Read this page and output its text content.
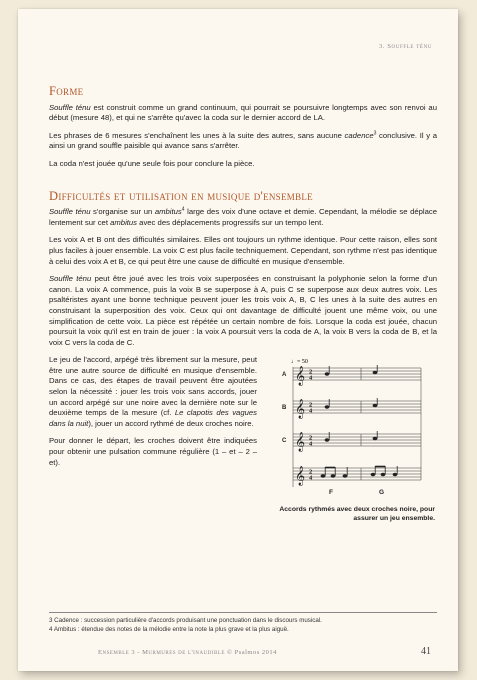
3. Souffle ténu
Forme

Souffle ténu est construit comme un grand continuum, qui pourrait se poursuivre longtemps avec son renvoi au début (mesure 48), et qui ne s'arrête qu'avec la coda sur le dernier accord de LA.

Les phrases de 6 mesures s'enchaînent les unes à la suite des autres, sans aucune cadence$^3$ conclusive. Il y a ainsi un grand souffle paisible qui avance sans s'arrêter.

La coda n'est jouée qu'une seule fois pour conclure la pièce.

Difficultés et utilisation en musique d'ensemble

Souffle ténu s'organise sur un ambitus$^4$ large des voix d'une octave et demie. Cependant, la mélodie se déplace lentement sur cet ambitus avec des déplacements progressifs sur un tempo lent.

Les voix A et B ont des difficultés similaires. Elles ont toujours un rythme identique. Pour cette raison, elles sont plus faciles à jouer ensemble. La voix C est plus facile techniquement. Cependant, son rythme n'est pas identique à celui des voix A et B, ce qui peut être une cause de difficulté en musique d'ensemble.

Souffle ténu peut être joué avec les trois voix superposées en construisant la polyphonie selon la forme d'un canon. La voix A commence, puis la voix B se superpose à A, puis C se superpose aux deux autres voix. Les psaltéristes ayant une bonne technique peuvent jouer les trois voix A, B, C les unes à la suite des autres en construisant la superposition des voix. Ceux qui ont davantage de difficulté jouent une même voix, ou une simplification de cette voix. La pièce est répétée un certain nombre de fois. Lorsque la coda est jouée, chacun poursuit la voix qu'il est en train de jouer : la voix A poursuit vers la coda de A, la voix B vers la coda de B, et la voix C vers la coda de C.

Le jeu de l'accord, arpégé très librement sur la mesure, peut être une autre source de difficulté en musique d'ensemble. Dans ce cas, des étapes de travail peuvent être ajoutées selon la nécessité : jouer les trois voix sans accords, jouer un accord arpégé sur une noire avec la dernière note sur le deuxième temps de la mesure (cf. Le clapotis des vagues dans la nuit), jouer un accord rythmé de deux croches noire.

Pour donner le départ, les croches doivent être indiquées pour obtenir une pulsation commune régulière (1 – et – 2 – et).

♩= 50
𝄞
𝄞
𝄞
𝄞
2
4
2
4
2
4
2
4
A
B
C
F	G
Accords rythmés avec deux croches noire, pour assurer un jeu ensemble.
3 Cadence : succession particulière d'accords produisant une ponctuation dans le discours musical.
4 Ambitus : étendue des notes de la mélodie entre la note la plus grave et la plus aiguë.
Ensemble 3 - Murmures de l'inaudible © Psalmos 2014	41
